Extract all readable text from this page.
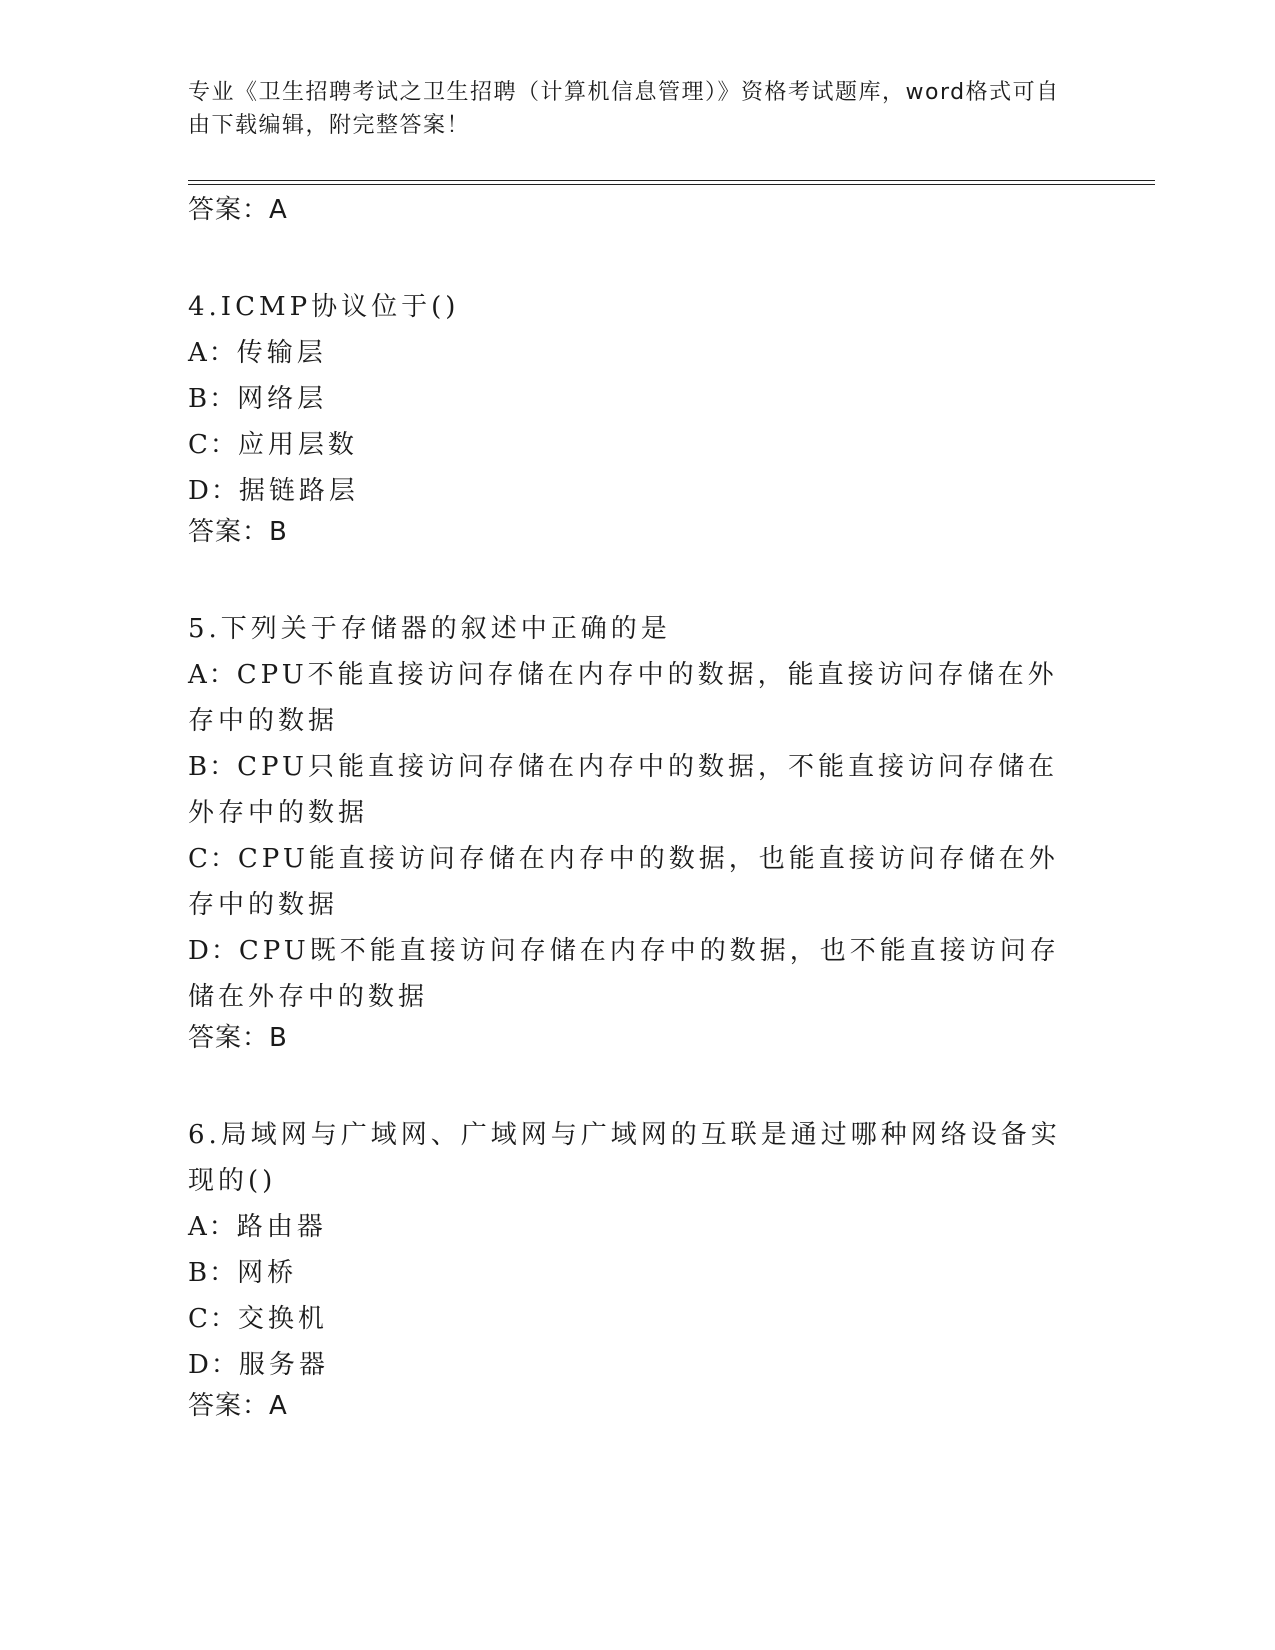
专业《卫生招聘考试之卫生招聘（计算机信息管理）》资格考试题库，word格式可自由下载编辑，附完整答案！

答案：A

4.ICMP协议位于()

A：传输层

B：网络层

C：应用层数

D：据链路层

答案：B

5.下列关于存储器的叙述中正确的是

A：CPU不能直接访问存储在内存中的数据，能直接访问存储在外存中的数据

B：CPU只能直接访问存储在内存中的数据，不能直接访问存储在外存中的数据

C：CPU能直接访问存储在内存中的数据，也能直接访问存储在外存中的数据

D：CPU既不能直接访问存储在内存中的数据，也不能直接访问存储在外存中的数据

答案：B

6.局域网与广域网、广域网与广域网的互联是通过哪种网络设备实现的()

A：路由器

B：网桥

C：交换机

D：服务器

答案：A
